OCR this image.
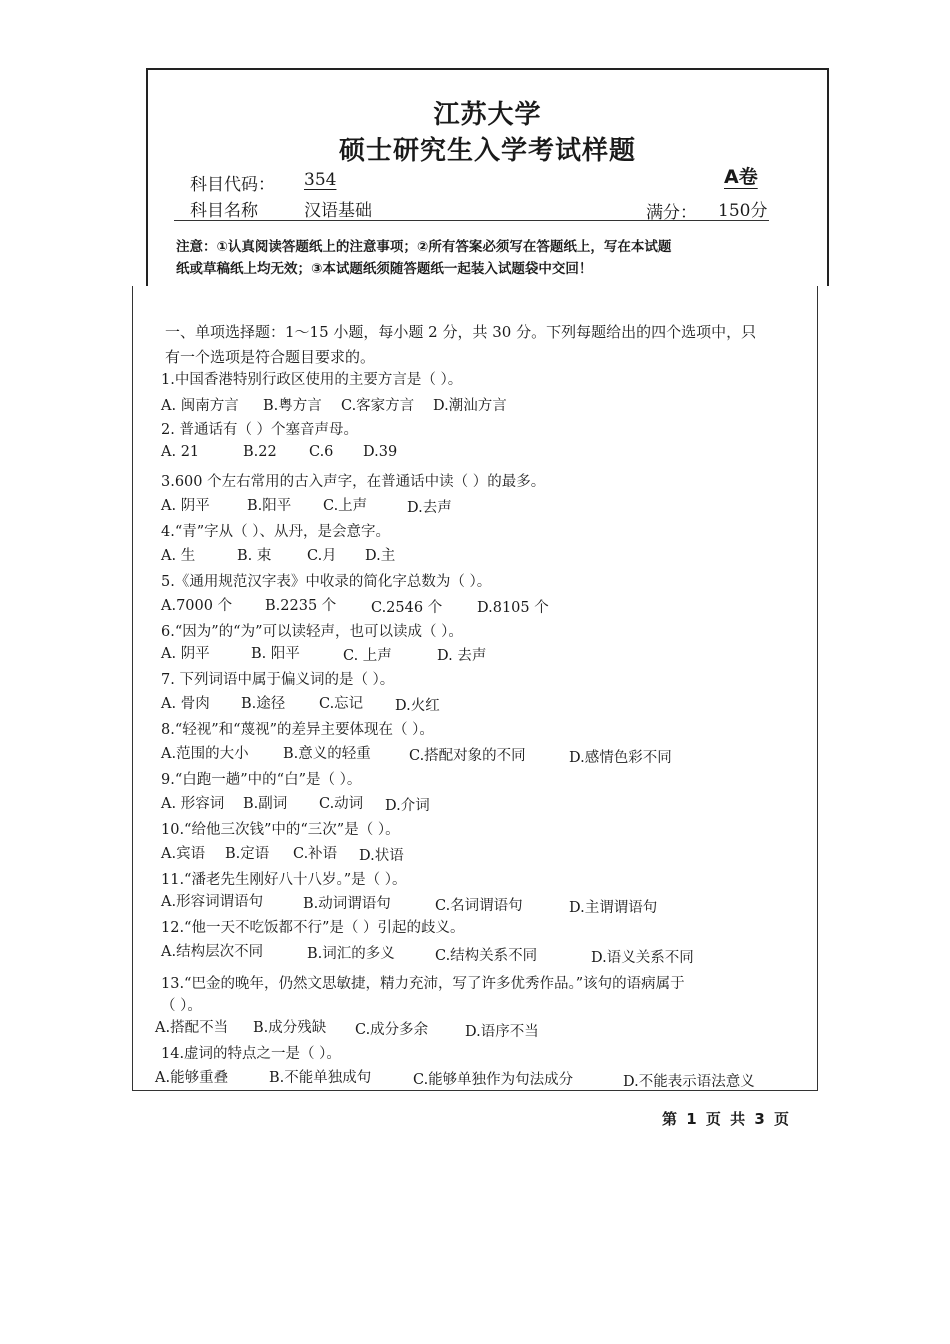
江苏大学
硕士研究生入学考试样题
科目代码： 354	A卷
科目名称	汉语基础	满分： 150分
注意：①认真阅读答题纸上的注意事项；②所有答案必须写在答题纸上，写在本试题
纸或草稿纸上均无效；③本试题纸须随答题纸一起装入试题袋中交回！
一、单项选择题：1～15 小题，每小题 2 分，共 30 分。下列每题给出的四个选项中，只
有一个选项是符合题目要求的。
1.中国香港特别行政区使用的主要方言是（ ）。
A. 闽南方言 B.粤方言 C.客家方言 D.潮汕方言
2. 普通话有（ ）个塞音声母。
A. 21	B.22 C.6 D.39
3.600 个左右常用的古入声字，在普通话中读（ ）的最多。
A. 阴平	B.阳平 C.上声	D.去声
4.“青”字从（ ）、从丹，是会意字。
A. 生	B. 束 C.月 D.主
5.《通用规范汉字表》中收录的简化字总数为（ ）。
A.7000 个 B.2235 个 C.2546 个 D.8105 个
6.“因为”的“为”可以读轻声，也可以读成（ ）。
A. 阴平	B. 阳平	C. 上声	D. 去声
7. 下列词语中属于偏义词的是（ ）。
A. 骨肉 B.途径 C.忘记 D.火红
8.“轻视”和“蔑视”的差异主要体现在（ ）。
A.范围的大小 B.意义的轻重	C.搭配对象的不同	D.感情色彩不同
9.“白跑一趟”中的“白”是（ ）。
A. 形容词 B.副词 C.动词 D.介词
10.“给他三次钱”中的“三次”是（ ）。
A.宾语 B.定语 C.补语 D.状语
11.“潘老先生刚好八十八岁。”是（ ）。
A.形容词谓语句	B.动词谓语句	C.名词谓语句	D.主谓谓语句
12.“他一天不吃饭都不行”是（ ）引起的歧义。
A.结构层次不同	B.词汇的多义	C.结构关系不同	D.语义关系不同
13.“巴金的晚年，仍然文思敏捷，精力充沛，写了许多优秀作品。”该句的语病属于
（ ）。
A.搭配不当 B.成分残缺 C.成分多余	D.语序不当
14.虚词的特点之一是（ ）。
A.能够重叠	B.不能单独成句	C.能够单独作为句法成分	D.不能表示语法意义
第 1 页 共 3 页
